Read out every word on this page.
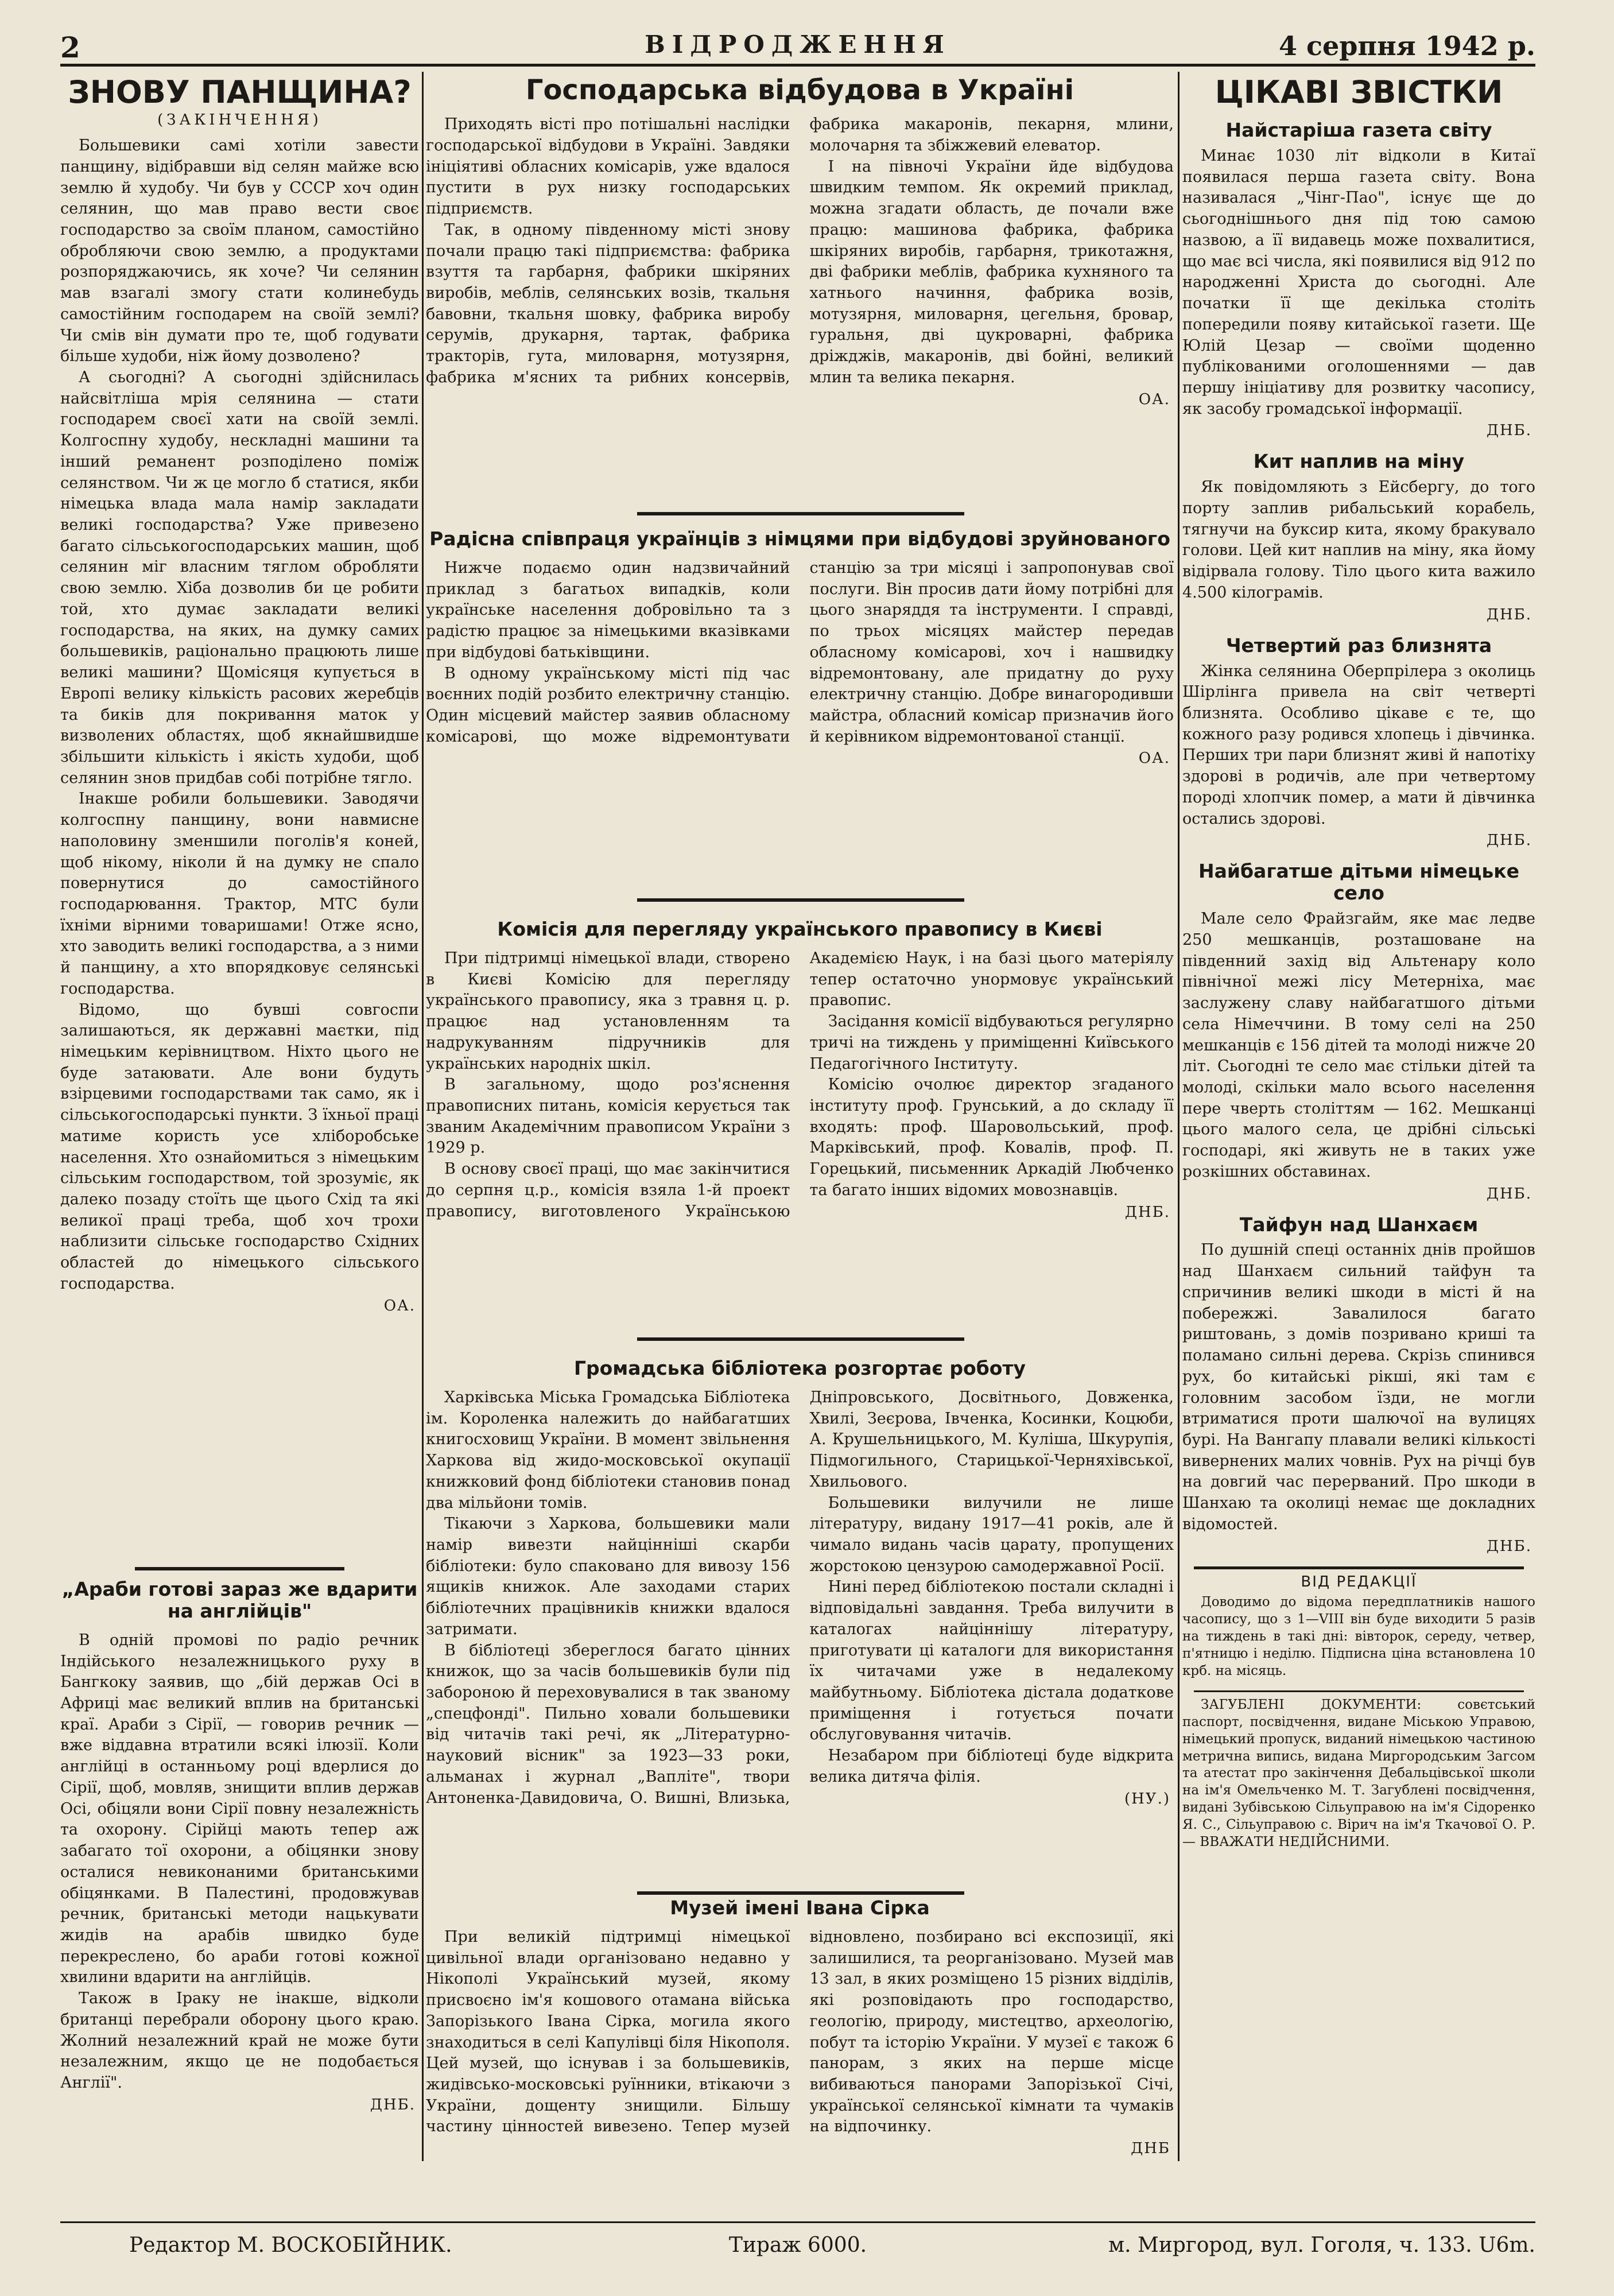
2	ВІДРОДЖЕННЯ	4 серпня 1942 р.
ЗНОВУ ПАНЩИНА?
(ЗАКІНЧЕННЯ)

Большевики самі хотіли завести панщину, відібравши від селян майже всю землю й худобу. Чи був у СССР хоч один селянин, що мав право вести своє господарство за своїм планом, самостійно обробляючи свою землю, а продуктами розпоряджаючись, як хоче? Чи селянин мав взагалі змогу стати колинебудь самостійним господарем на своїй землі? Чи смів він думати про те, щоб годувати більше худоби, ніж йому дозволено?

А сьогодні? А сьогодні здійснилась найсвітліша мрія селянина — стати господарем своєї хати на своїй землі. Колгоспну худобу, нескладні машини та інший реманент розподілено поміж селянством. Чи ж це могло б статися, якби німецька влада мала намір закладати великі господарства? Уже привезено багато сільськогосподарських машин, щоб селянин міг власним тяглом обробляти свою землю. Хіба дозволив би це робити той, хто думає закладати великі господарства, на яких, на думку самих большевиків, раціонально працюють лише великі машини? Щомісяця купується в Европі велику кількість расових жеребців та биків для покривання маток у визволених областях, щоб якнайшвидше збільшити кількість і якість худоби, щоб селянин знов придбав собі потрібне тягло.

Інакше робили большевики. Заводячи колгоспну панщину, вони навмисне наполовину зменшили поголів'я коней, щоб нікому, ніколи й на думку не спало повернутися до самостійного господарювання. Трактор, МТС були їхніми вірними товаришами! Отже ясно, хто заводить великі господарства, а з ними й панщину, а хто впорядковує селянські господарства.

Відомо, що бувші совгоспи залишаються, як державні маєтки, під німецьким керівництвом. Ніхто цього не буде затаювати. Але вони будуть взірцевими господарствами так само, як і сільськогосподарські пункти. З їхньої праці матиме користь усе хліборобське населення. Хто ознайомиться з німецьким сільським господарством, той зрозуміє, як далеко позаду стоїть ще цього Схід та які великої праці треба, щоб хоч трохи наблизити сільське господарство Східних областей до німецького сільського господарства.

ОА.
„Араби готові зараз же вдарити на англійців"

В одній промові по радіо речник Індійського незалежницького руху в Бангкоку заявив, що „бій держав Осі в Африці має великий вплив на британські краї. Араби з Сірії, — говорив речник — вже віддавна втратили всякі ілюзії. Коли англійці в останньому році вдерлися до Сірії, щоб, мовляв, знищити вплив держав Осі, обіцяли вони Сірії повну незалежність та охорону. Сірійці мають тепер аж забагато тої охорони, а обіцянки знову осталися невиконаними британськими обіцянками. В Палестині, продовжував речник, британські методи нацькувати жидів на арабів швидко буде перекреслено, бо араби готові кожної хвилини вдарити на англійців.

Також в Іраку не інакше, відколи британці перебрали оборону цього краю. Жолний незалежний край не може бути незалежним, якщо це не подобається Англії".

ДНБ.
Господарська відбудова в Україні

Приходять вісті про потішальні наслідки господарської відбудови в Україні. Завдяки ініціятиві обласних комісарів, уже вдалося пустити в рух низку господарських підприємств.

Так, в одному південному місті знову почали працю такі підприємства: фабрика взуття та гарбарня, фабрики шкіряних виробів, меблів, селянських возів, ткальня бавовни, ткальня шовку, фабрика виробу серумів, друкарня, тартак, фабрика тракторів, гута, миловарня, мотузярня, фабрика м'ясних та рибних консервів, фабрика макаронів, пекарня, млини, молочарня та збіжжевий елеватор.

І на півночі України йде відбудова швидким темпом. Як окремий приклад, можна згадати область, де почали вже працю: машинова фабрика, фабрика шкіряних виробів, гарбарня, трикотажня, дві фабрики меблів, фабрика кухняного та хатнього начиння, фабрика возів, мотузярня, миловарня, цегельня, бровар, гуральня, дві цукроварні, фабрика дріжджів, макаронів, дві бойні, великий млин та велика пекарня.

ОА.
Радісна співпраця українців з німцями при відбудові зруйнованого

Нижче подаємо один надзвичайний приклад з багатьох випадків, коли українське населення добровільно та з радістю працює за німецькими вказівками при відбудові батьківщини.

В одному українському місті під час воєнних подій розбито електричну станцію. Один місцевий майстер заявив обласному комісарові, що може відремонтувати станцію за три місяці і запропонував свої послуги. Він просив дати йому потрібні для цього знаряддя та інструменти. І справді, по трьох місяцях майстер передав обласному комісарові, хоч і нашвидку відремонтовану, але придатну до руху електричну станцію. Добре винагородивши майстра, обласний комісар призначив його й керівником відремонтованої станції.

ОА.
Комісія для перегляду українського правопису в Києві

При підтримці німецької влади, створено в Києві Комісію для перегляду українського правопису, яка з травня ц. р. працює над установленням та надрукуванням підручників для українських народніх шкіл.

В загальному, щодо роз'яснення правописних питань, комісія керується так званим Академічним правописом України з 1929 р.

В основу своєї праці, що має закінчитися до серпня ц.р., комісія взяла 1-й проект правопису, виготовленого Українською Академією Наук, і на базі цього матеріялу тепер остаточно унормовує український правопис.

Засідання комісії відбуваються регулярно тричі на тиждень у приміщенні Київського Педагогічного Інституту.

Комісію очолює директор згаданого інституту проф. Грунський, а до складу її входять: проф. Шаровольський, проф. Марківський, проф. Ковалів, проф. П. Горецький, письменник Аркадій Любченко та багато інших відомих мовознавців.

ДНБ.
Громадська бібліотека розгортає роботу

Харківська Міська Громадська Бібліотека ім. Короленка належить до найбагатших книгосховищ України. В момент звільнення Харкова від жидо-московської окупації книжковий фонд бібліотеки становив понад два мільйони томів.

Тікаючи з Харкова, большевики мали намір вивезти найцінніші скарби бібліотеки: було спаковано для вивозу 156 ящиків книжок. Але заходами старих бібліотечних працівників книжки вдалося затримати.

В бібліотеці збереглося багато цінних книжок, що за часів большевиків були під забороною й переховувалися в так званому „спецфонді". Пильно ховали большевики від читачів такі речі, як „Літературно-науковий вісник" за 1923—33 роки, альманах і журнал „Вапліте", твори Антоненка-Давидовича, О. Вишні, Влизька, Дніпровського, Досвітнього, Довженка, Хвилі, Зеєрова, Івченка, Косинки, Коцюби, А. Крушельницького, М. Куліша, Шкурупія, Підмогильного, Старицької-Черняхівської, Хвильового.

Большевики вилучили не лише літературу, видану 1917—41 років, але й чимало видань часів царату, пропущених жорстокою цензурою самодержавної Росії.

Нині перед бібліотекою постали складні і відповідальні завдання. Треба вилучити в каталогах найціннішу літературу, приготувати ці каталоги для використання їх читачами уже в недалекому майбутньому. Бібліотека дістала додаткове приміщення і готується почати обслуговування читачів.

Незабаром при бібліотеці буде відкрита велика дитяча філія.

(НУ.)
Музей імені Івана Сірка

При великій підтримці німецької цивільної влади організовано недавно у Нікополі Український музей, якому присвоєно ім'я кошового отамана війська Запорізького Івана Сірка, могила якого знаходиться в селі Капулівці біля Нікополя. Цей музей, що існував і за большевиків, жидівсько-московські руїнники, втікаючи з України, дощенту знищили. Більшу частину цінностей вивезено. Тепер музей відновлено, позбирано всі експозиції, які залишилися, та реорганізовано. Музей мав 13 зал, в яких розміщено 15 різних відділів, які розповідають про господарство, геологію, природу, мистецтво, археологію, побут та історію України. У музеї є також 6 панорам, з яких на перше місце вибиваються панорами Запорізької Січі, української селянської кімнати та чумаків на відпочинку.

ДНБ
ЦІКАВІ ЗВІСТКИ
Найстаріша газета світу

Минає 1030 літ відколи в Китаї появилася перша газета світу. Вона називалася „Чінг-Пао", існує ще до сьогоднішнього дня під тою самою назвою, а її видавець може похвалитися, що має всі числа, які появилися від 912 по народженні Христа до сьогодні. Але початки її ще декілька століть попередили появу китайської газети. Ще Юлій Цезар — своїми щоденно публікованими оголошеннями — дав першу ініціативу для розвитку часопису, як засобу громадської інформації.

ДНБ.
Кит наплив на міну

Як повідомляють з Ейсбергу, до того порту заплив рибальський корабель, тягнучи на буксир кита, якому бракувало голови. Цей кит наплив на міну, яка йому відірвала голову. Тіло цього кита важило 4.500 кілограмів.

ДНБ.
Четвертий раз близнята

Жінка селянина Оберпрілера з околиць Шірлінга привела на світ четверті близнята. Особливо цікаве є те, що кожного разу родився хлопець і дівчинка. Перших три пари близнят живі й напотіху здорові в родичів, але при четвертому породі хлопчик помер, а мати й дівчинка остались здорові.

ДНБ.
Найбагатше дітьми німецьке село

Мале село Фрайзгайм, яке має ледве 250 мешканців, розташоване на південний захід від Альтенару коло північної межі лісу Метерніха, має заслужену славу найбагатшого дітьми села Німеччини. В тому селі на 250 мешканців є 156 дітей та молоді нижче 20 літ. Сьогодні те село має стільки дітей та молоді, скільки мало всього населення пере чверть століттям — 162. Мешканці цього малого села, це дрібні сільські господарі, які живуть не в таких уже розкішних обставинах.

ДНБ.
Тайфун над Шанхаєм

По душній спеці останніх днів пройшов над Шанхаєм сильний тайфун та спричинив великі шкоди в місті й на побережжі. Завалилося багато риштовань, з домів позривано криші та поламано сильні дерева. Скрізь спинився рух, бо китайські рікші, які там є головним засобом їзди, не могли втриматися проти шалючої на вулицях бурі. На Вангапу плавали великі кількості вивернених малих човнів. Рух на річці був на довгий час перерваний. Про шкоди в Шанхаю та околиці немає ще докладних відомостей.

ДНБ.
ВІД РЕДАКЦІЇ

Доводимо до відома передплатників нашого часопису, що з 1—VIII він буде виходити 5 разів на тиждень в такі дні: вівторок, середу, четвер, п'ятницю і неділю. Підписна ціна встановлена 10 крб. на місяць.

ЗАГУБЛЕНІ ДОКУМЕНТИ: совєтський паспорт, посвідчення, видане Міською Управою, німецький пропуск, виданий німецькою частиною метрична випись, видана Миргородським Загсом та атестат про закінчення Дебальцівської школи на ім'я Омельченко М. Т. Загублені посвідчення, видані Зубівською Сільуправою на ім'я Сідоренко Я. С., Сільуправою с. Вірич на ім'я Ткачової О. Р. — ВВАЖАТИ НЕДІЙСНИМИ.

Редактор М. ВОСКОБІЙНИК.	Тираж 6000.	м. Миргород, вул. Гоголя, ч. 133. U6m.
